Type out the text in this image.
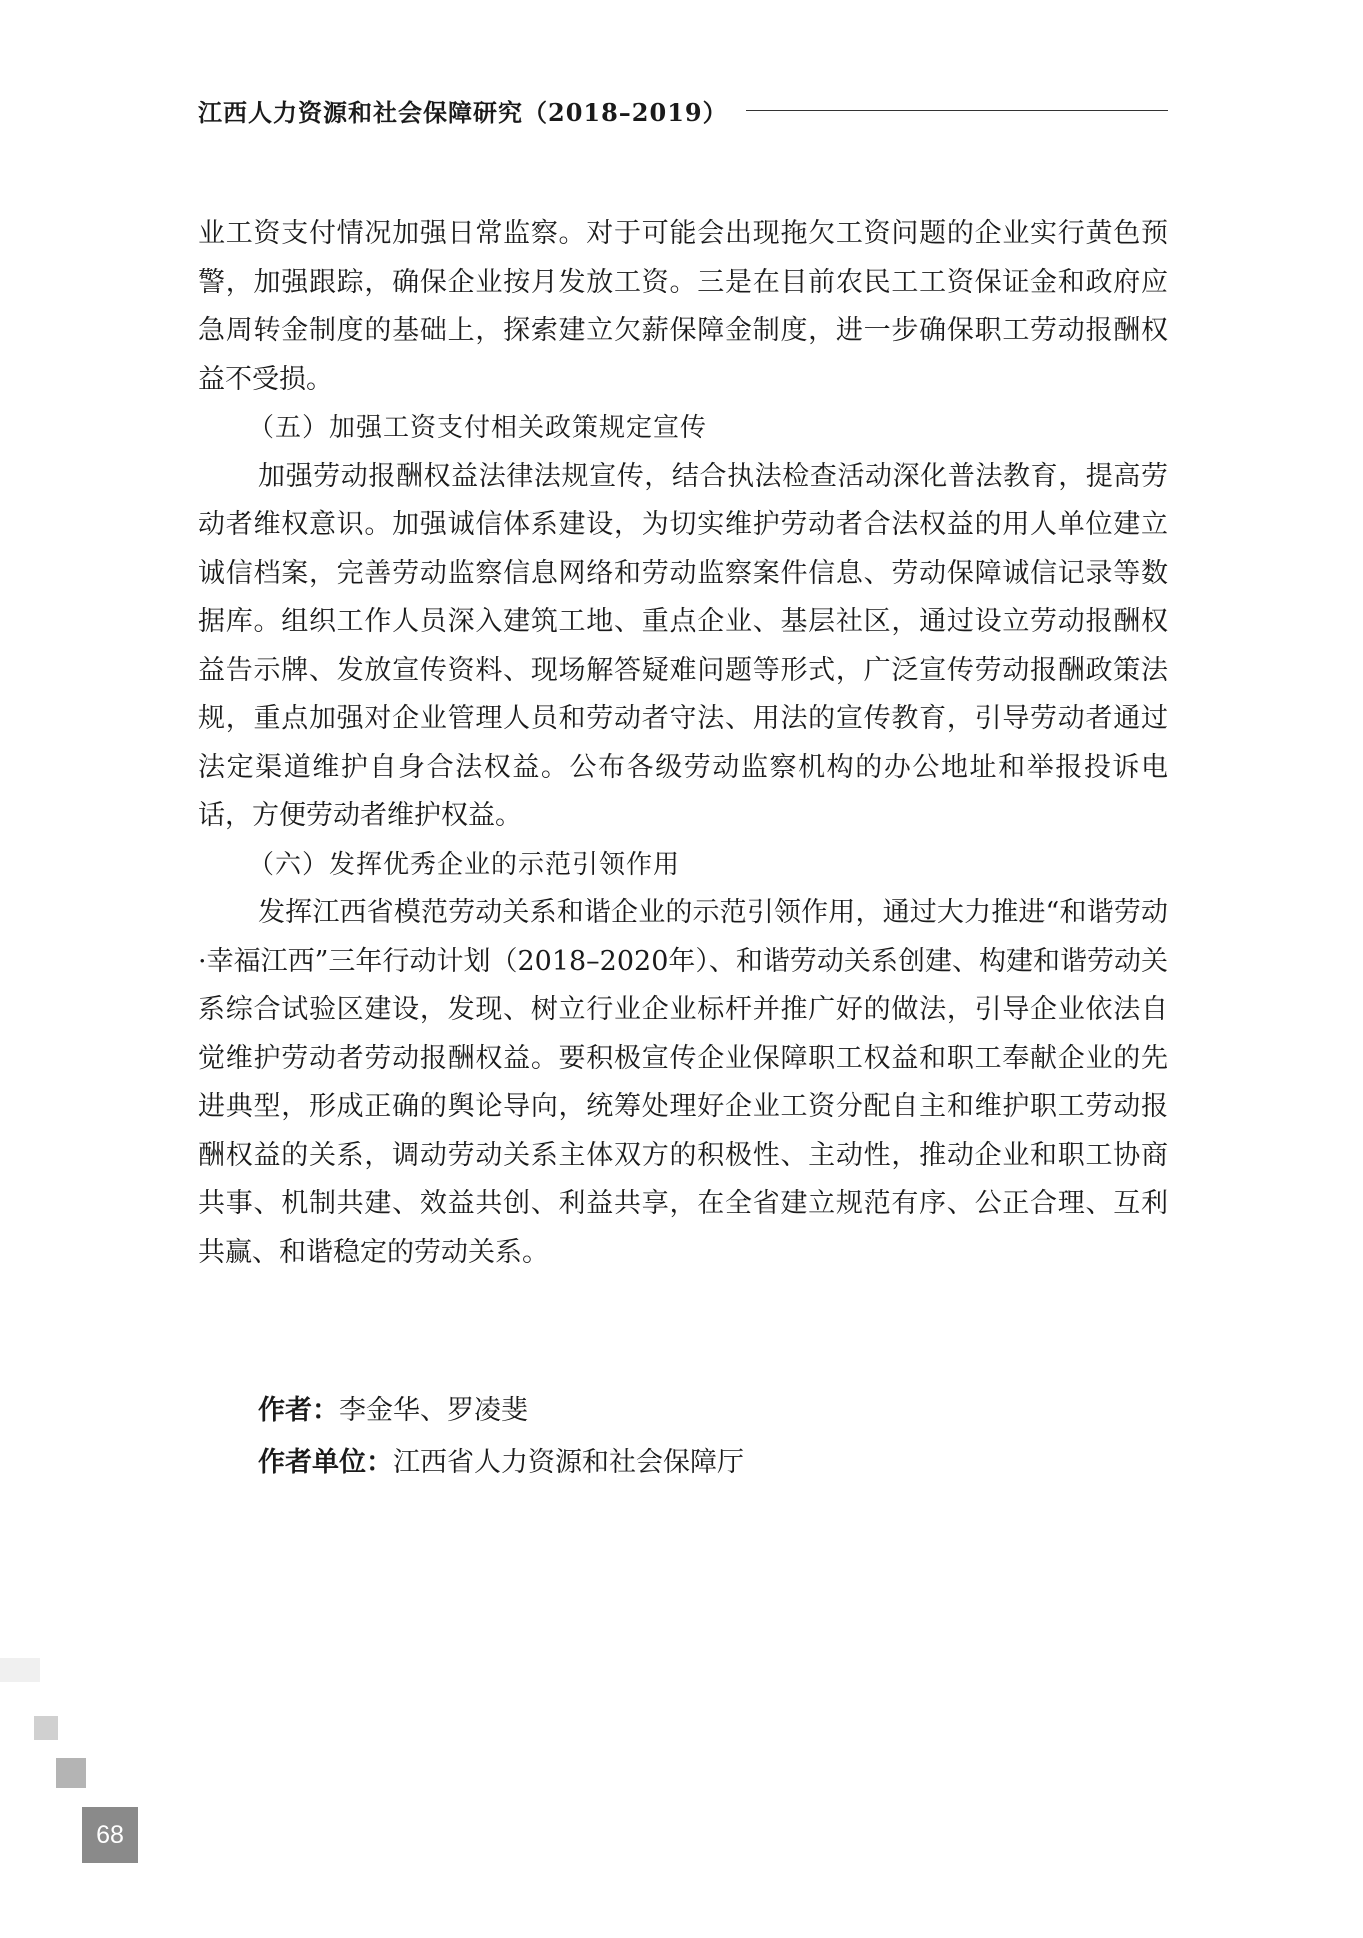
江西人力资源和社会保障研究（2018–2019）

业工资支付情况加强日常监察。对于可能会出现拖欠工资问题的企业实行黄色预警，加强跟踪，确保企业按月发放工资。三是在目前农民工工资保证金和政府应急周转金制度的基础上，探索建立欠薪保障金制度，进一步确保职工劳动报酬权益不受损。

（五）加强工资支付相关政策规定宣传

加强劳动报酬权益法律法规宣传，结合执法检查活动深化普法教育，提高劳动者维权意识。加强诚信体系建设，为切实维护劳动者合法权益的用人单位建立诚信档案，完善劳动监察信息网络和劳动监察案件信息、劳动保障诚信记录等数据库。组织工作人员深入建筑工地、重点企业、基层社区，通过设立劳动报酬权益告示牌、发放宣传资料、现场解答疑难问题等形式，广泛宣传劳动报酬政策法规，重点加强对企业管理人员和劳动者守法、用法的宣传教育，引导劳动者通过法定渠道维护自身合法权益。公布各级劳动监察机构的办公地址和举报投诉电话，方便劳动者维护权益。

（六）发挥优秀企业的示范引领作用

发挥江西省模范劳动关系和谐企业的示范引领作用，通过大力推进“和谐劳动·幸福江西”三年行动计划（2018–2020年）、和谐劳动关系创建、构建和谐劳动关系综合试验区建设，发现、树立行业企业标杆并推广好的做法，引导企业依法自觉维护劳动者劳动报酬权益。要积极宣传企业保障职工权益和职工奉献企业的先进典型，形成正确的舆论导向，统筹处理好企业工资分配自主和维护职工劳动报酬权益的关系，调动劳动关系主体双方的积极性、主动性，推动企业和职工协商共事、机制共建、效益共创、利益共享，在全省建立规范有序、公正合理、互利共赢、和谐稳定的劳动关系。

作者：李金华、罗凌斐
作者单位：江西省人力资源和社会保障厅
68
